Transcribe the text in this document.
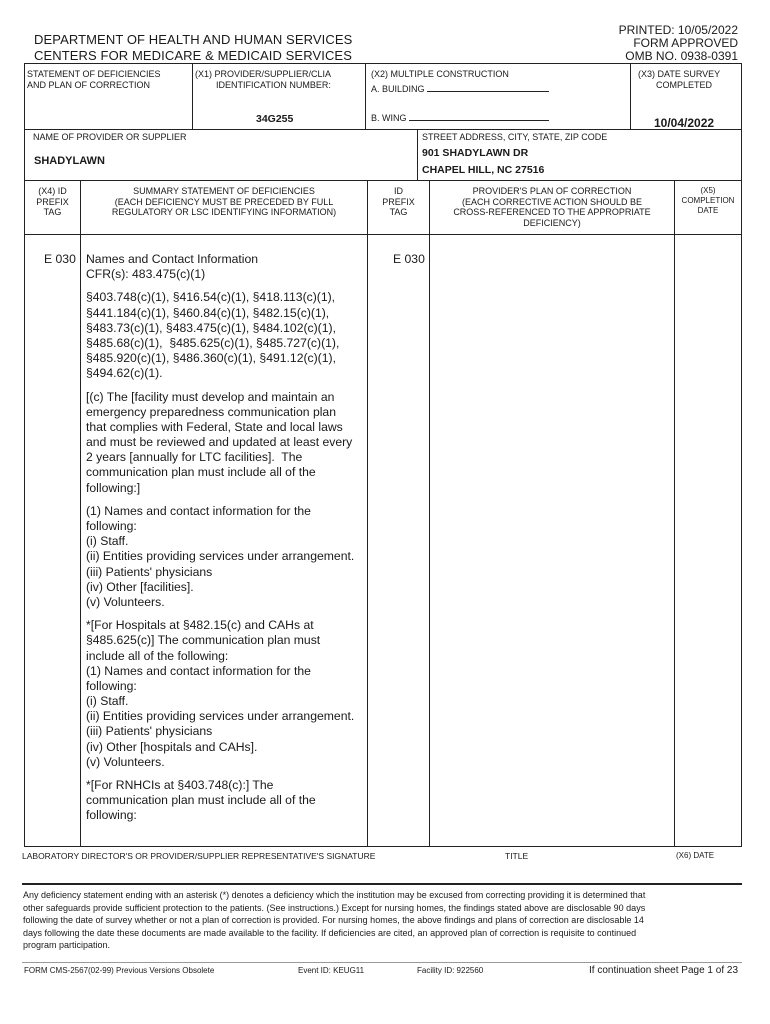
DEPARTMENT OF HEALTH AND HUMAN SERVICES
CENTERS FOR MEDICARE & MEDICAID SERVICES
PRINTED: 10/05/2022
FORM APPROVED
OMB NO. 0938-0391
STATEMENT OF DEFICIENCIES
AND PLAN OF CORRECTION
(X1) PROVIDER/SUPPLIER/CLIA
IDENTIFICATION NUMBER:
34G255
(X2) MULTIPLE CONSTRUCTION
A. BUILDING
B. WING
(X3) DATE SURVEY
COMPLETED
10/04/2022
NAME OF PROVIDER OR SUPPLIER
SHADYLAWN
STREET ADDRESS, CITY, STATE, ZIP CODE
901 SHADYLAWN DR
CHAPEL HILL, NC 27516
(X4) ID
PREFIX
TAG
SUMMARY STATEMENT OF DEFICIENCIES
(EACH DEFICIENCY MUST BE PRECEDED BY FULL
REGULATORY OR LSC IDENTIFYING INFORMATION)
ID
PREFIX
TAG
PROVIDER'S PLAN OF CORRECTION
(EACH CORRECTIVE ACTION SHOULD BE
CROSS-REFERENCED TO THE APPROPRIATE
DEFICIENCY)
(X5)
COMPLETION
DATE
E 030	E 030
Names and Contact Information
CFR(s): 483.475(c)(1)

§403.748(c)(1), §416.54(c)(1), §418.113(c)(1),
§441.184(c)(1), §460.84(c)(1), §482.15(c)(1),
§483.73(c)(1), §483.475(c)(1), §484.102(c)(1),
§485.68(c)(1),  §485.625(c)(1), §485.727(c)(1),
§485.920(c)(1), §486.360(c)(1), §491.12(c)(1),
§494.62(c)(1).

[(c) The [facility must develop and maintain an
emergency preparedness communication plan
that complies with Federal, State and local laws
and must be reviewed and updated at least every
2 years [annually for LTC facilities].  The
communication plan must include all of the
following:]

(1) Names and contact information for the
following:
(i) Staff.
(ii) Entities providing services under arrangement.
(iii) Patients' physicians
(iv) Other [facilities].
(v) Volunteers.

*[For Hospitals at §482.15(c) and CAHs at
§485.625(c)] The communication plan must
include all of the following:
(1) Names and contact information for the
following:
(i) Staff.
(ii) Entities providing services under arrangement.
(iii) Patients' physicians
(iv) Other [hospitals and CAHs].
(v) Volunteers.

*[For RNHCIs at §403.748(c):] The
communication plan must include all of the
following:
LABORATORY DIRECTOR'S OR PROVIDER/SUPPLIER REPRESENTATIVE'S SIGNATURE	TITLE	(X6) DATE
Any deficiency statement ending with an asterisk (*) denotes a deficiency which the institution may be excused from correcting providing it is determined that
other safeguards provide sufficient protection to the patients. (See instructions.) Except for nursing homes, the findings stated above are disclosable 90 days
following the date of survey whether or not a plan of correction is provided. For nursing homes, the above findings and plans of correction are disclosable 14
days following the date these documents are made available to the facility. If deficiencies are cited, an approved plan of correction is requisite to continued
program participation.
FORM CMS-2567(02-99) Previous Versions Obsolete	Event ID: KEUG11	Facility ID: 922560	If continuation sheet Page 1 of 23
